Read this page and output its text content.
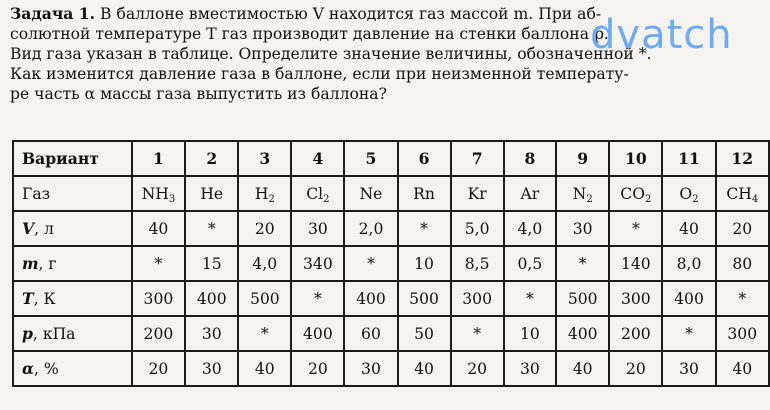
Задача 1. В баллоне вместимостью V находится газ массой m. При аб-
солютной температуре T газ производит давление на стенки баллона p.
Вид газа указан в таблице. Определите значение величины, обозначенной *.
Как изменится давление газа в баллоне, если при неизменной температу-
ре часть α массы газа выпустить из баллона?
dvatch
Вариант	1	2	3	4	5	6	7	8	9	10	11	12
Газ	$NH_3$	He	$H_2$	$Cl_2$	Ne	Rn	Kr	Ar	$N_2$	$CO_2$	$O_2$	$CH_4$
V, л	40	*	20	30	2,0	*	5,0	4,0	30	*	40	20
m, г	*	15	4,0	340	*	10	8,5	0,5	*	140	8,0	80
T, К	300	400	500	*	400	500	300	*	500	300	400	*
p, кПа	200	30	*	400	60	50	*	10	400	200	*	300
α, %	20	30	40	20	30	40	20	30	40	20	30	40
